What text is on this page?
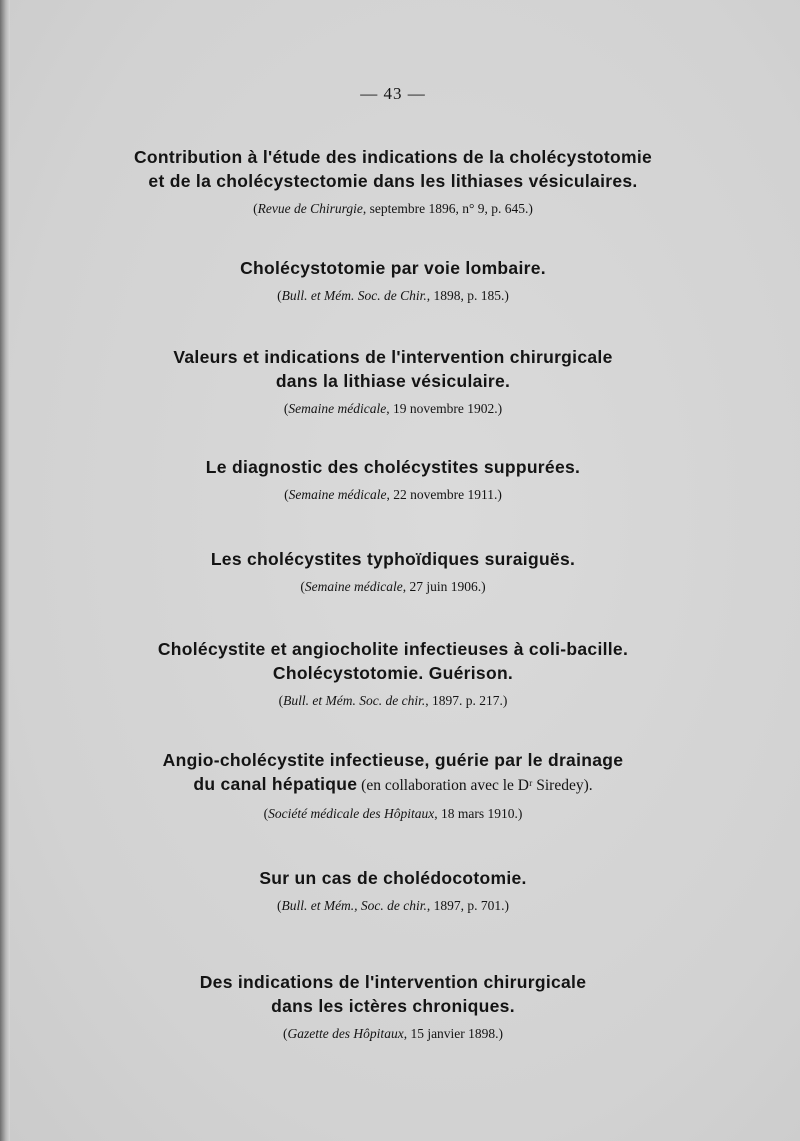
— 43 —
Contribution à l'étude des indications de la cholécystotomie
et de la cholécystectomie dans les lithiases vésiculaires.
(Revue de Chirurgie, septembre 1896, n° 9, p. 645.)
Cholécystotomie par voie lombaire.
(Bull. et Mém. Soc. de Chir., 1898, p. 185.)
Valeurs et indications de l'intervention chirurgicale
dans la lithiase vésiculaire.
(Semaine médicale, 19 novembre 1902.)
Le diagnostic des cholécystites suppurées.
(Semaine médicale, 22 novembre 1911.)
Les cholécystites typhoïdiques suraiguës.
(Semaine médicale, 27 juin 1906.)
Cholécystite et angiocholite infectieuses à coli-bacille.
Cholécystotomie. Guérison.
(Bull. et Mém. Soc. de chir., 1897. p. 217.)
Angio-cholécystite infectieuse, guérie par le drainage
du canal hépatique (en collaboration avec le Dʳ Siredey).
(Société médicale des Hôpitaux, 18 mars 1910.)
Sur un cas de cholédocotomie.
(Bull. et Mém., Soc. de chir., 1897, p. 701.)
Des indications de l'intervention chirurgicale
dans les ictères chroniques.
(Gazette des Hôpitaux, 15 janvier 1898.)
